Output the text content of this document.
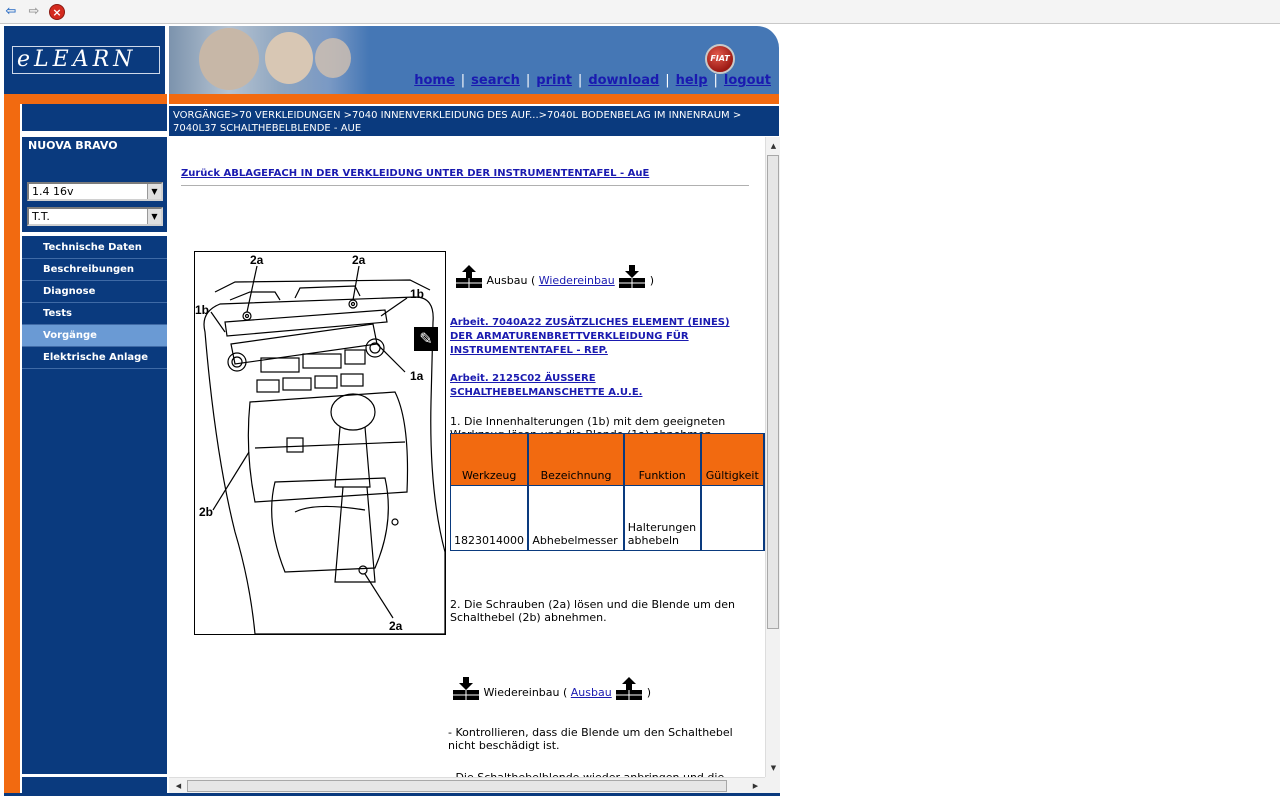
⇦ ⇨	×
eLEARN	FIAT
home | search | print | download | help | logout
NUOVA BRAVO
1.4 16v	▼
T.T.	▼
Technische Daten
Beschreibungen
Diagnose
Tests
Vorgänge
Elektrische Anlage
VORGÄNGE>70 VERKLEIDUNGEN >7040 INNENVERKLEIDUNG DES AUF...>7040L BODENBELAG IM INNENRAUM >
7040L37 SCHALTHEBELBLENDE - AUE
Zurück ABLAGEFACH IN DER VERKLEIDUNG UNTER DER INSTRUMENTENTAFEL - AuE
2a	2a
1b
1b
1a
2b
2a
✎
Ausbau ( Wiedereinbau	)
Arbeit. 7040A22 ZUSÄTZLICHES ELEMENT (EINES) DER ARMATURENBRETTVERKLEIDUNG FÜR INSTRUMENTENTAFEL - REP.
Arbeit. 2125C02 ÄUSSERE SCHALTHEBELMANSCHETTE A.U.E.
1. Die Innenhalterungen (1b) mit dem geeigneten
Werkzeug	Bezeichnung	Funktion	Gültigkeit
1823014000	Abhebelmesser	Halterungen abhebeln	
2. Die Schrauben (2a) lösen und die Blende um den Schalthebel (2b) abnehmen.
Wiedereinbau ( Ausbau	)
- Kontrollieren, dass die Blende um den Schalthebel nicht beschädigt ist.
▲
▼
◀	▶
